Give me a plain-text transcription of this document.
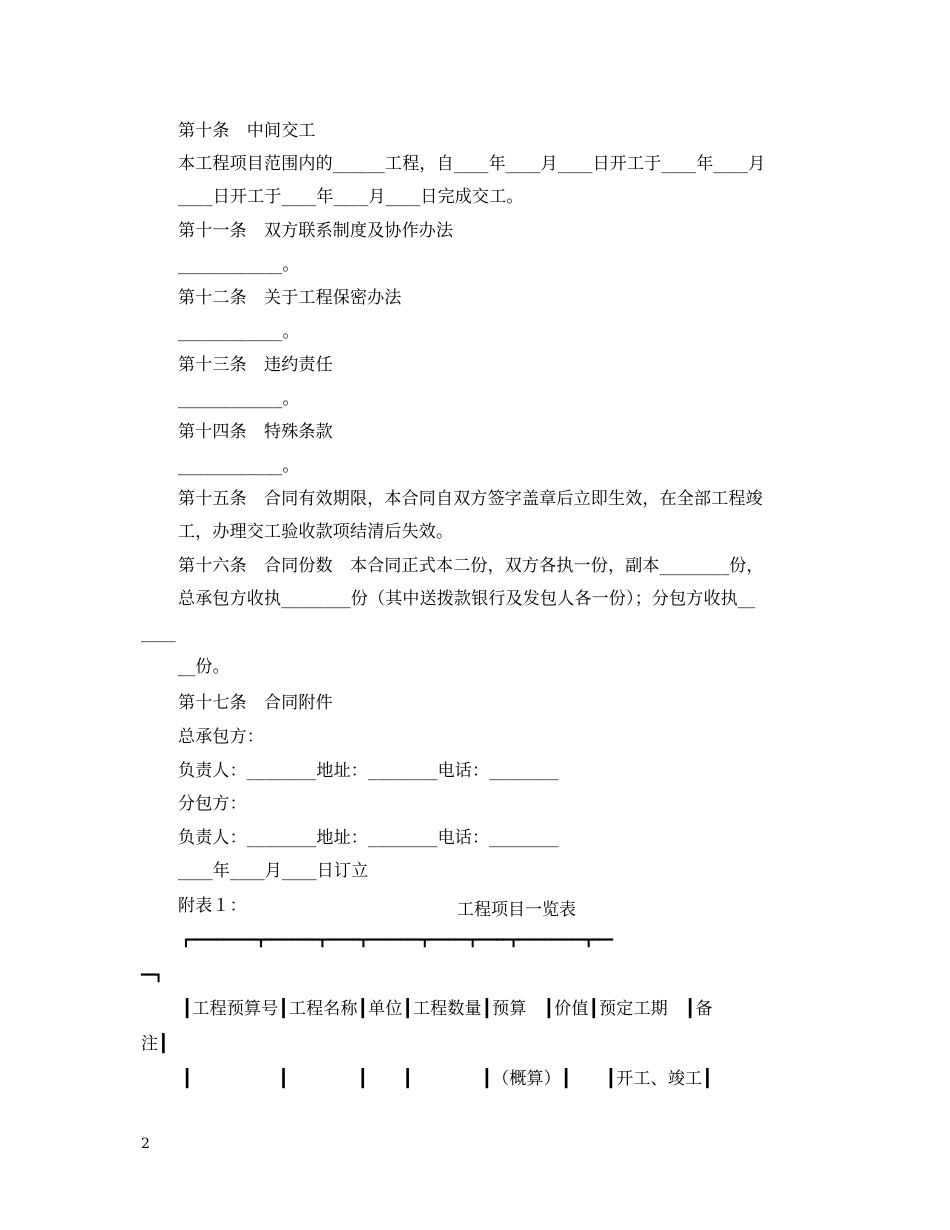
第十条　中间交工
本工程项目范围内的______工程，自____年____月____日开工于____年____月
____日开工于____年____月____日完成交工。
第十一条　双方联系制度及协作办法
____________。
第十二条　关于工程保密办法
____________。
第十三条　违约责任
____________。
第十四条　特殊条款
____________。
第十五条　合同有效期限，本合同自双方签字盖章后立即生效，在全部工程竣
工，办理交工验收款项结清后失效。
第十六条　合同份数　本合同正式本二份，双方各执一份，副本________份，
总承包方收执________份（其中送拨款银行及发包人各一份）；分包方收执__
____
__份。
第十七条　合同附件
总承包方：
负责人：________地址：________电话：________
分包方：
负责人：________地址：________电话：________
____年____月____日订立
附表１：	工程项目一览表
┏━━━━━━━━━━┳━━━━━━━━┳━━━━━┳━━━━━━━━┳━━━━━━┳━━━━━┳━━━━━━━━━━┳━━━
━━┓
┃工程预算号┃工程名称┃单位┃工程数量┃预算　┃价值┃预定工期　┃备
注┃
┃　　　　　┃　　　　┃　　┃　　　　┃（概算）┃　　┃开工、竣工┃
2
